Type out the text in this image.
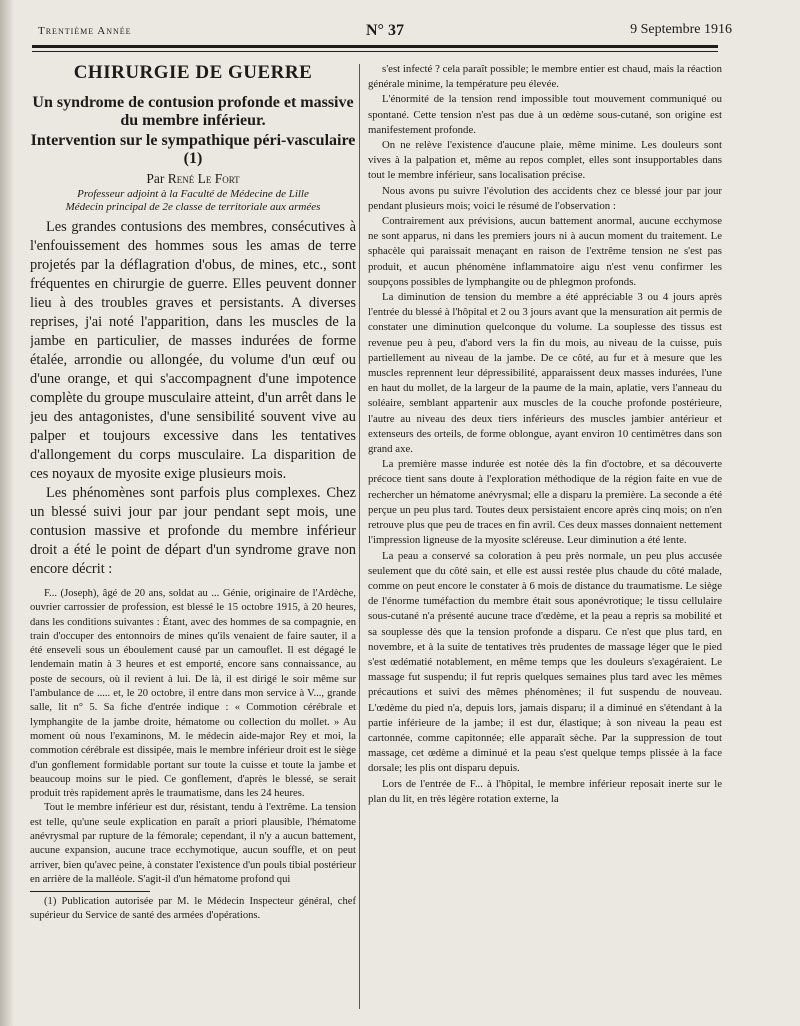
Trentième Année	N° 37	9 Septembre 1916
CHIRURGIE DE GUERRE
Un syndrome de contusion profonde et massive du membre inférieur.
Intervention sur le sympathique péri-vasculaire (1)
Par René Le Fort
Professeur adjoint à la Faculté de Médecine de Lille
Médecin principal de 2e classe de territoriale aux armées

Les grandes contusions des membres, consécutives à l'enfouissement des hommes sous les amas de terre projetés par la déflagration d'obus, de mines, etc., sont fréquentes en chirurgie de guerre. Elles peuvent donner lieu à des troubles graves et persistants. A diverses reprises, j'ai noté l'apparition, dans les muscles de la jambe en particulier, de masses indurées de forme étalée, arrondie ou allongée, du volume d'un œuf ou d'une orange, et qui s'accompagnent d'une impotence complète du groupe musculaire atteint, d'un arrêt dans le jeu des antagonistes, d'une sensibilité souvent vive au palper et toujours excessive dans les tentatives d'allongement du corps musculaire. La disparition de ces noyaux de myosite exige plusieurs mois.

Les phénomènes sont parfois plus complexes. Chez un blessé suivi jour par jour pendant sept mois, une contusion massive et profonde du membre inférieur droit a été le point de départ d'un syndrome grave non encore décrit :

F... (Joseph), âgé de 20 ans, soldat au ... Génie, originaire de l'Ardèche, ouvrier carrossier de profession, est blessé le 15 octobre 1915, à 20 heures, dans les conditions suivantes : Étant, avec des hommes de sa compagnie, en train d'occuper des entonnoirs de mines qu'ils venaient de faire sauter, il a été enseveli sous un éboulement causé par un camouflet. Il est dégagé le lendemain matin à 3 heures et est emporté, encore sans connaissance, au poste de secours, où il revient à lui. De là, il est dirigé le soir même sur l'ambulance de ..... et, le 20 octobre, il entre dans mon service à V..., grande salle, lit n° 5. Sa fiche d'entrée indique : « Commotion cérébrale et lymphangite de la jambe droite, hématome ou collection du mollet. » Au moment où nous l'examinons, M. le médecin aide-major Rey et moi, la commotion cérébrale est dissipée, mais le membre inférieur droit est le siège d'un gonflement formidable portant sur toute la cuisse et toute la jambe et beaucoup moins sur le pied. Ce gonflement, d'après le blessé, se serait produit très rapidement après le traumatisme, dans les 24 heures.

Tout le membre inférieur est dur, résistant, tendu à l'extrême. La tension est telle, qu'une seule explication en paraît a priori plausible, l'hématome anévrysmal par rupture de la fémorale; cependant, il n'y a aucun battement, aucune expansion, aucune trace ecchymotique, aucun souffle, et on peut arriver, bien qu'avec peine, à constater l'existence d'un pouls tibial postérieur en arrière de la malléole. S'agit-il d'un hématome profond qui

(1) Publication autorisée par M. le Médecin Inspecteur général, chef supérieur du Service de santé des armées d'opérations.

s'est infecté ? cela paraît possible; le membre entier est chaud, mais la réaction générale minime, la température peu élevée.

L'énormité de la tension rend impossible tout mouvement communiqué ou spontané. Cette tension n'est pas due à un œdème sous-cutané, son origine est manifestement profonde.

On ne relève l'existence d'aucune plaie, même minime. Les douleurs sont vives à la palpation et, même au repos complet, elles sont insupportables dans tout le membre inférieur, sans localisation précise.

Nous avons pu suivre l'évolution des accidents chez ce blessé jour par jour pendant plusieurs mois; voici le résumé de l'observation :

Contrairement aux prévisions, aucun battement anormal, aucune ecchymose ne sont apparus, ni dans les premiers jours ni à aucun moment du traitement. Le sphacèle qui paraissait menaçant en raison de l'extrême tension ne s'est pas produit, et aucun phénomène inflammatoire aigu n'est venu confirmer les soupçons possibles de lymphangite ou de phlegmon profonds.

La diminution de tension du membre a été appréciable 3 ou 4 jours après l'entrée du blessé à l'hôpital et 2 ou 3 jours avant que la mensuration ait permis de constater une diminution quelconque du volume. La souplesse des tissus est revenue peu à peu, d'abord vers la fin du mois, au niveau de la cuisse, puis partiellement au niveau de la jambe. De ce côté, au fur et à mesure que les muscles reprennent leur dépressibilité, apparaissent deux masses indurées, l'une en haut du mollet, de la largeur de la paume de la main, aplatie, vers l'anneau du soléaire, semblant appartenir aux muscles de la couche profonde postérieure, l'autre au niveau des deux tiers inférieurs des muscles jambier antérieur et extenseurs des orteils, de forme oblongue, ayant environ 10 centimètres dans son grand axe.

La première masse indurée est notée dès la fin d'octobre, et sa découverte précoce tient sans doute à l'exploration méthodique de la région faite en vue de rechercher un hématome anévrysmal; elle a disparu la première. La seconde a été perçue un peu plus tard. Toutes deux persistaient encore après cinq mois; on n'en retrouve plus que peu de traces en fin avril. Ces deux masses donnaient nettement l'impression ligneuse de la myosite scléreuse. Leur diminution a été lente.

La peau a conservé sa coloration à peu près normale, un peu plus accusée seulement que du côté sain, et elle est aussi restée plus chaude du côté malade, comme on peut encore le constater à 6 mois de distance du traumatisme. Le siège de l'énorme tuméfaction du membre était sous aponévrotique; le tissu cellulaire sous-cutané n'a présenté aucune trace d'œdème, et la peau a repris sa mobilité et sa souplesse dès que la tension profonde a disparu. Ce n'est que plus tard, en novembre, et à la suite de tentatives très prudentes de massage léger que le pied s'est œdématié notablement, en même temps que les douleurs s'exagéraient. Le massage fut suspendu; il fut repris quelques semaines plus tard avec les mêmes précautions et suivi des mêmes phénomènes; il fut suspendu de nouveau. L'œdème du pied n'a, depuis lors, jamais disparu; il a diminué en s'étendant à la partie inférieure de la jambe; il est dur, élastique; à son niveau la peau est cartonnée, comme capitonnée; elle apparaît sèche. Par la suppression de tout massage, cet œdème a diminué et la peau s'est quelque temps plissée à la face dorsale; les plis ont disparu depuis.

Lors de l'entrée de F... à l'hôpital, le membre inférieur reposait inerte sur le plan du lit, en très légère rotation externe, la
